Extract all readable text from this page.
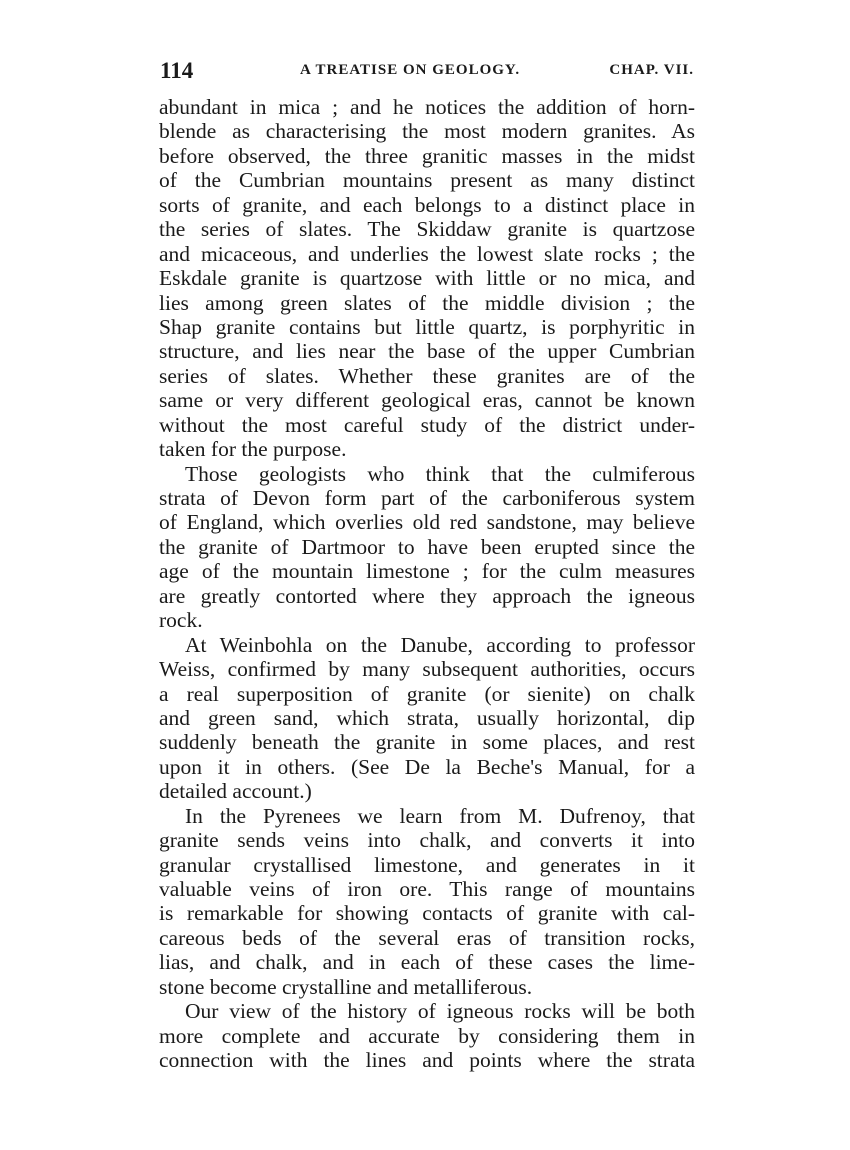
114	A TREATISE ON GEOLOGY.	CHAP. VII.
abundant in mica ; and he notices the addition of horn-
blende as characterising the most modern granites. As
before observed, the three granitic masses in the midst
of the Cumbrian mountains present as many distinct
sorts of granite, and each belongs to a distinct place in
the series of slates. The Skiddaw granite is quartzose
and micaceous, and underlies the lowest slate rocks ; the
Eskdale granite is quartzose with little or no mica, and
lies among green slates of the middle division ; the
Shap granite contains but little quartz, is porphyritic in
structure, and lies near the base of the upper Cumbrian
series of slates. Whether these granites are of the
same or very different geological eras, cannot be known
without the most careful study of the district under-
taken for the purpose.
Those geologists who think that the culmiferous
strata of Devon form part of the carboniferous system
of England, which overlies old red sandstone, may believe
the granite of Dartmoor to have been erupted since the
age of the mountain limestone ; for the culm measures
are greatly contorted where they approach the igneous
rock.
At Weinbohla on the Danube, according to professor
Weiss, confirmed by many subsequent authorities, occurs
a real superposition of granite (or sienite) on chalk
and green sand, which strata, usually horizontal, dip
suddenly beneath the granite in some places, and rest
upon it in others. (See De la Beche's Manual, for a
detailed account.)
In the Pyrenees we learn from M. Dufrenoy, that
granite sends veins into chalk, and converts it into
granular crystallised limestone, and generates in it
valuable veins of iron ore. This range of mountains
is remarkable for showing contacts of granite with cal-
careous beds of the several eras of transition rocks,
lias, and chalk, and in each of these cases the lime-
stone become crystalline and metalliferous.
Our view of the history of igneous rocks will be both
more complete and accurate by considering them in
connection with the lines and points where the strata
